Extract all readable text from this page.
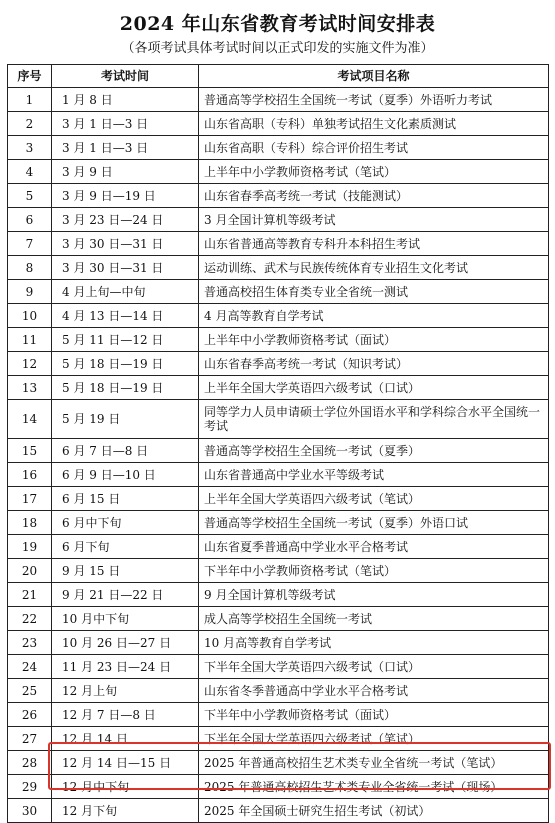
2024 年山东省教育考试时间安排表
（各项考试具体考试时间以正式印发的实施文件为准）
序号	考试时间	考试项目名称
1	1 月 8 日	普通高等学校招生全国统一考试（夏季）外语听力考试
2	3 月 1 日—3 日	山东省高职（专科）单独考试招生文化素质测试
3	3 月 1 日—3 日	山东省高职（专科）综合评价招生考试
4	3 月 9 日	上半年中小学教师资格考试（笔试）
5	3 月 9 日—19 日	山东省春季高考统一考试（技能测试）
6	3 月 23 日—24 日	3 月全国计算机等级考试
7	3 月 30 日—31 日	山东省普通高等教育专科升本科招生考试
8	3 月 30 日—31 日	运动训练、武术与民族传统体育专业招生文化考试
9	4 月上旬—中旬	普通高校招生体育类专业全省统一测试
10	4 月 13 日—14 日	4 月高等教育自学考试
11	5 月 11 日—12 日	上半年中小学教师资格考试（面试）
12	5 月 18 日—19 日	山东省春季高考统一考试（知识考试）
13	5 月 18 日—19 日	上半年全国大学英语四六级考试（口试）
14	5 月 19 日	同等学力人员申请硕士学位外国语水平和学科综合水平全国统一考试
15	6 月 7 日—8 日	普通高等学校招生全国统一考试（夏季）
16	6 月 9 日—10 日	山东省普通高中学业水平等级考试
17	6 月 15 日	上半年全国大学英语四六级考试（笔试）
18	6 月中下旬	普通高等学校招生全国统一考试（夏季）外语口试
19	6 月下旬	山东省夏季普通高中学业水平合格考试
20	9 月 15 日	下半年中小学教师资格考试（笔试）
21	9 月 21 日—22 日	9 月全国计算机等级考试
22	10 月中下旬	成人高等学校招生全国统一考试
23	10 月 26 日—27 日	10 月高等教育自学考试
24	11 月 23 日—24 日	下半年全国大学英语四六级考试（口试）
25	12 月上旬	山东省冬季普通高中学业水平合格考试
26	12 月 7 日—8 日	下半年中小学教师资格考试（面试）
27	12 月 14 日	下半年全国大学英语四六级考试（笔试）
28	12 月 14 日—15 日	2025 年普通高校招生艺术类专业全省统一考试（笔试）
29	12 月中下旬	2025 年普通高校招生艺术类专业全省统一考试（现场）
30	12 月下旬	2025 年全国硕士研究生招生考试（初试）
